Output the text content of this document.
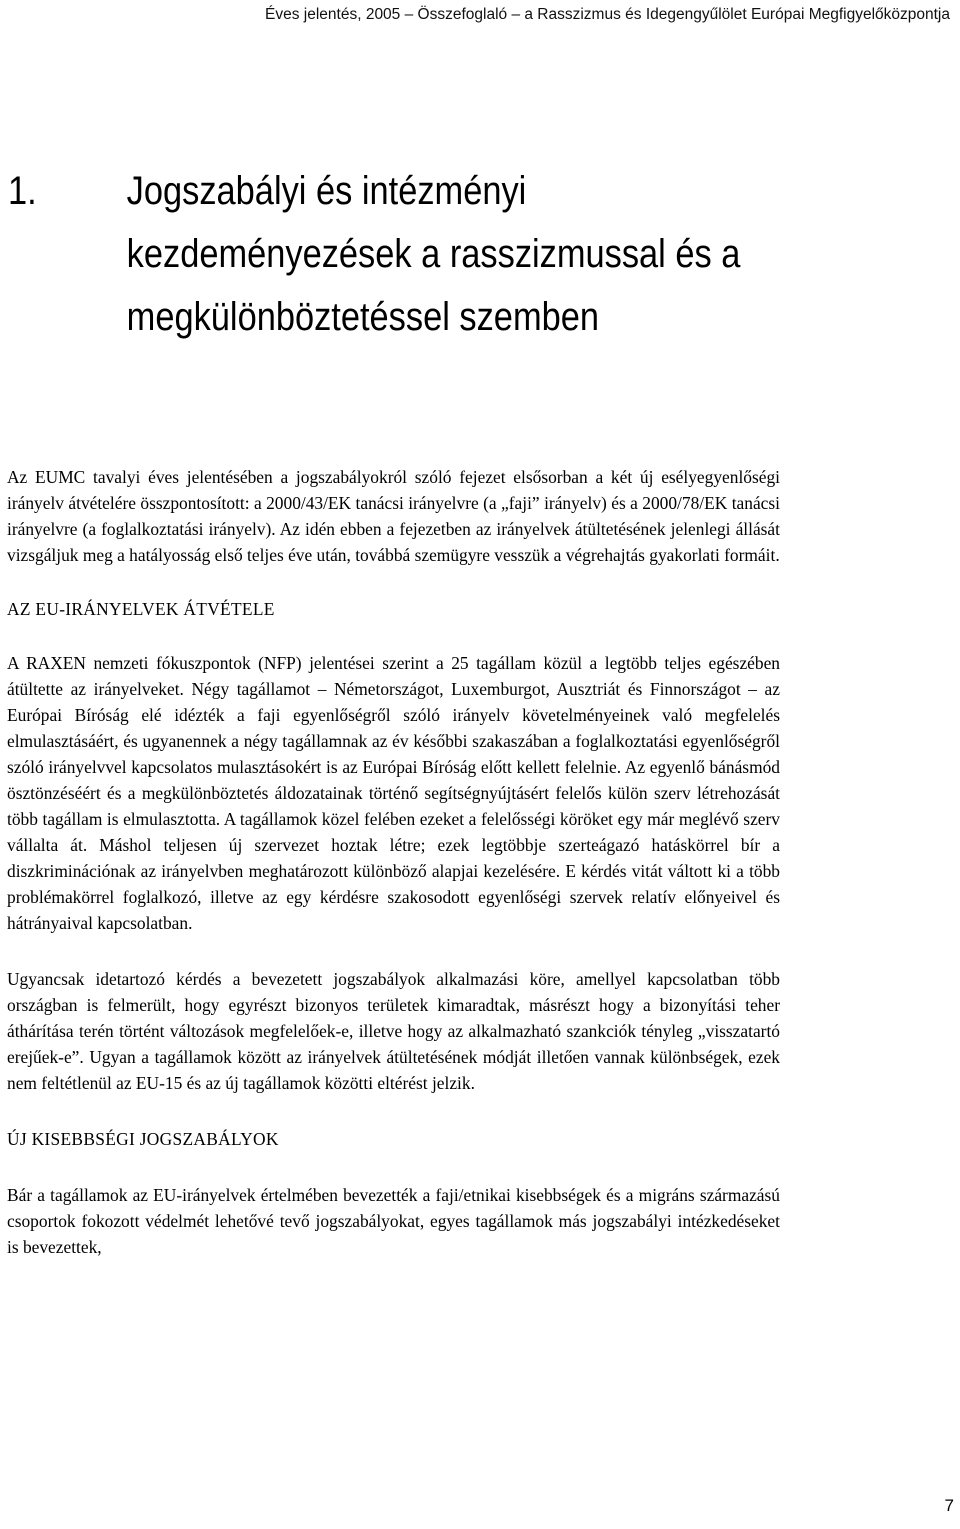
Éves jelentés, 2005 – Összefoglaló – a Rasszizmus és Idegengyűlölet Európai Megfigyelőközpontja
1. Jogszabályi és intézményi kezdeményezések a rasszizmussal és a megkülönböztetéssel szemben

Az EUMC tavalyi éves jelentésében a jogszabályokról szóló fejezet elsősorban a két új esélyegyenlőségi irányelv átvételére összpontosított: a 2000/43/EK tanácsi irányelvre (a „faji” irányelv) és a 2000/78/EK tanácsi irányelvre (a foglalkoztatási irányelv). Az idén ebben a fejezetben az irányelvek átültetésének jelenlegi állását vizsgáljuk meg a hatályosság első teljes éve után, továbbá szemügyre vesszük a végrehajtás gyakorlati formáit.

AZ EU-IRÁNYELVEK ÁTVÉTELE

A RAXEN nemzeti fókuszpontok (NFP) jelentései szerint a 25 tagállam közül a legtöbb teljes egészében átültette az irányelveket. Négy tagállamot – Németországot, Luxemburgot, Ausztriát és Finnországot – az Európai Bíróság elé idézték a faji egyenlőségről szóló irányelv követelményeinek való megfelelés elmulasztásáért, és ugyanennek a négy tagállamnak az év későbbi szakaszában a foglalkoztatási egyenlőségről szóló irányelvvel kapcsolatos mulasztásokért is az Európai Bíróság előtt kellett felelnie. Az egyenlő bánásmód ösztönzéséért és a megkülönböztetés áldozatainak történő segítségnyújtásért felelős külön szerv létrehozását több tagállam is elmulasztotta. A tagállamok közel felében ezeket a felelősségi köröket egy már meglévő szerv vállalta át. Máshol teljesen új szervezet hoztak létre; ezek legtöbbje szerteágazó hatáskörrel bír a diszkriminációnak az irányelvben meghatározott különböző alapjai kezelésére. E kérdés vitát váltott ki a több problémakörrel foglalkozó, illetve az egy kérdésre szakosodott egyenlőségi szervek relatív előnyeivel és hátrányaival kapcsolatban.

Ugyancsak idetartozó kérdés a bevezetett jogszabályok alkalmazási köre, amellyel kapcsolatban több országban is felmerült, hogy egyrészt bizonyos területek kimaradtak, másrészt hogy a bizonyítási teher áthárítása terén történt változások megfelelőek-e, illetve hogy az alkalmazható szankciók tényleg „visszatartó erejűek-e”. Ugyan a tagállamok között az irányelvek átültetésének módját illetően vannak különbségek, ezek nem feltétlenül az EU-15 és az új tagállamok közötti eltérést jelzik.

ÚJ KISEBBSÉGI JOGSZABÁLYOK

Bár a tagállamok az EU-irányelvek értelmében bevezették a faji/etnikai kisebbségek és a migráns származású csoportok fokozott védelmét lehetővé tevő jogszabályokat, egyes tagállamok más jogszabályi intézkedéseket is bevezettek,

7
